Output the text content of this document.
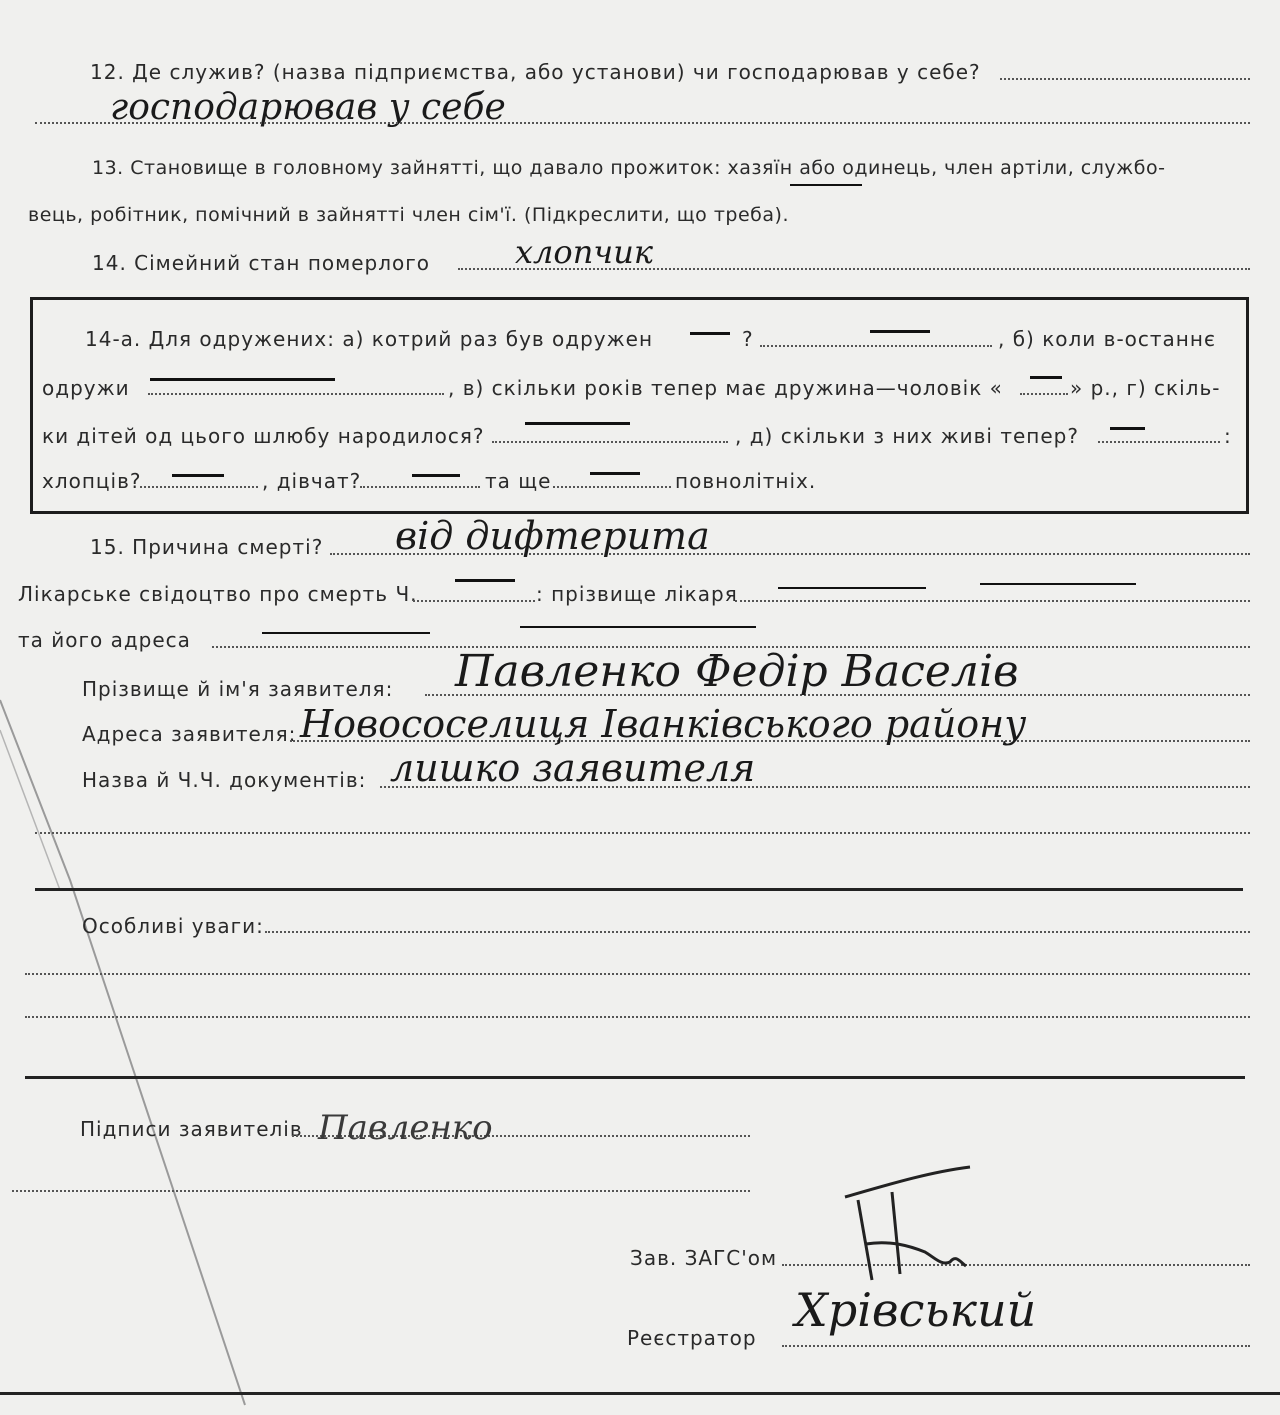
12. Де служив? (назва підприємства, або установи) чи господарював у себе?
господарював у себе
13. Становище в головному зайнятті, що давало прожиток: хазяїн або одинець, член артіли, службо-
вець, робітник, помічний в зайнятті член сім'ї. (Підкреслити, що треба).
14. Сімейний стан померлого	хлопчик
14-а. Для одружених: а) котрий раз був одружен	?	, б) коли в-останнє
одружи	, в) скільки років тепер має дружина—чоловік «	» р., г) скіль-
ки дітей од цього шлюбу народилося?	, д) скільки з них живі тепер?	:
хлопців?	, дівчат?	та ще	повнолітніх.
15. Причина смерті? від дифтерита
Лікарське свідоцтво про смерть Ч.	: прізвище лікаря
та його адреса
Прізвище й ім'я заявителя: Павленко Федір Васелів
Адреса заявителя: Новососелиця Іванківського району
Назва й Ч.Ч. документів: лишко заявителя
Особливі уваги:
Підписи заявителів Павленко
Зав. ЗАГС'ом
Реєстратор
Хрівський
